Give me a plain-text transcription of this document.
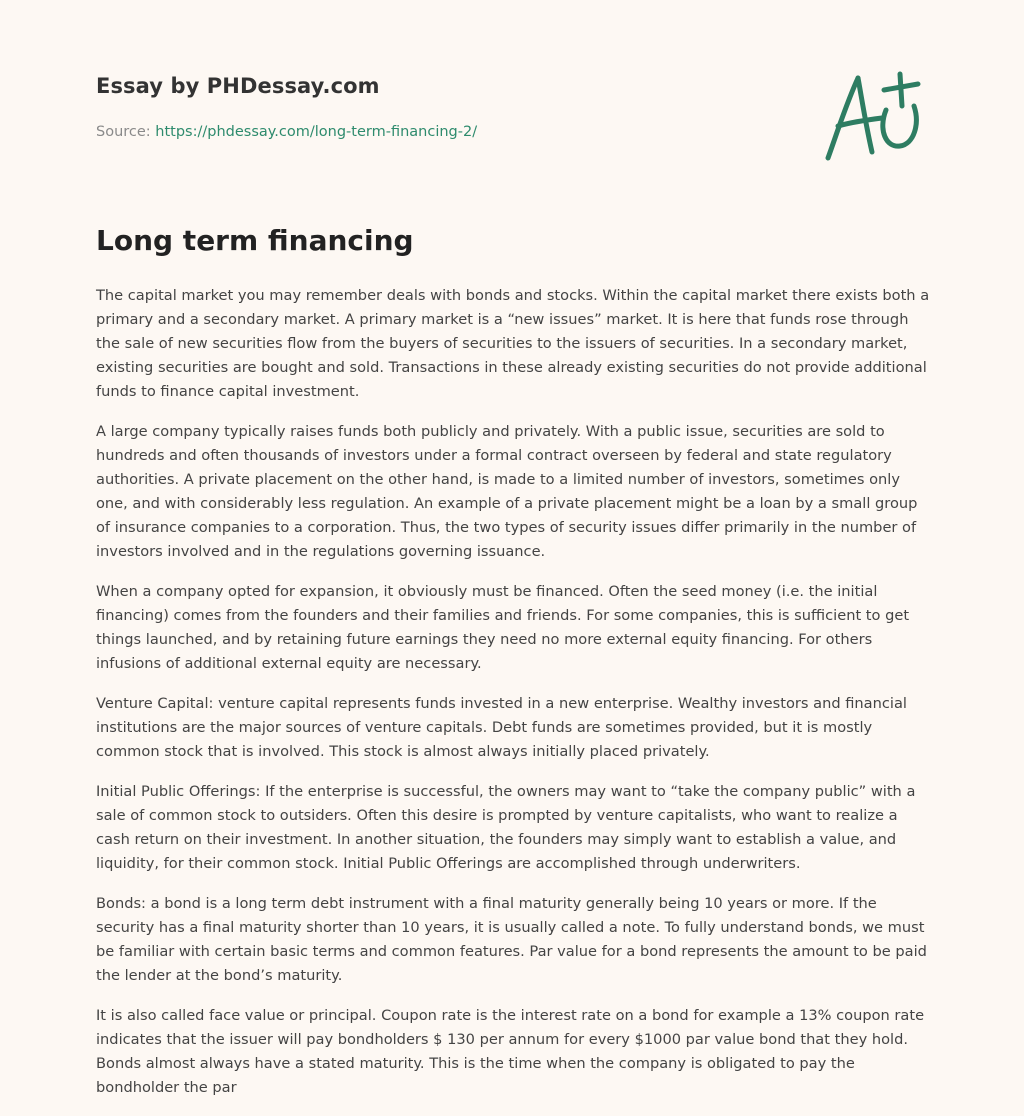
Essay by PHDessay.com
Source: https://phdessay.com/long-term-financing-2/
Long term financing

The capital market you may remember deals with bonds and stocks. Within the capital market there exists both a primary and a secondary market. A primary market is a “new issues” market. It is here that funds rose through the sale of new securities flow from the buyers of securities to the issuers of securities. In a secondary market, existing securities are bought and sold. Transactions in these already existing securities do not provide additional funds to finance capital investment.

A large company typically raises funds both publicly and privately. With a public issue, securities are sold to hundreds and often thousands of investors under a formal contract overseen by federal and state regulatory authorities. A private placement on the other hand, is made to a limited number of investors, sometimes only one, and with considerably less regulation. An example of a private placement might be a loan by a small group of insurance companies to a corporation. Thus, the two types of security issues differ primarily in the number of investors involved and in the regulations governing issuance.

When a company opted for expansion, it obviously must be financed. Often the seed money (i.e. the initial financing) comes from the founders and their families and friends. For some companies, this is sufficient to get things launched, and by retaining future earnings they need no more external equity financing. For others infusions of additional external equity are necessary.

Venture Capital: venture capital represents funds invested in a new enterprise. Wealthy investors and financial institutions are the major sources of venture capitals. Debt funds are sometimes provided, but it is mostly common stock that is involved. This stock is almost always initially placed privately.

Initial Public Offerings: If the enterprise is successful, the owners may want to “take the company public” with a sale of common stock to outsiders. Often this desire is prompted by venture capitalists, who want to realize a cash return on their investment. In another situation, the founders may simply want to establish a value, and liquidity, for their common stock. Initial Public Offerings are accomplished through underwriters.

Bonds: a bond is a long term debt instrument with a final maturity generally being 10 years or more. If the security has a final maturity shorter than 10 years, it is usually called a note. To fully understand bonds, we must be familiar with certain basic terms and common features. Par value for a bond represents the amount to be paid the lender at the bond’s maturity.

It is also called face value or principal. Coupon rate is the interest rate on a bond for example a 13% coupon rate indicates that the issuer will pay bondholders $ 130 per annum for every $1000 par value bond that they hold. Bonds almost always have a stated maturity. This is the time when the company is obligated to pay the bondholder the par
